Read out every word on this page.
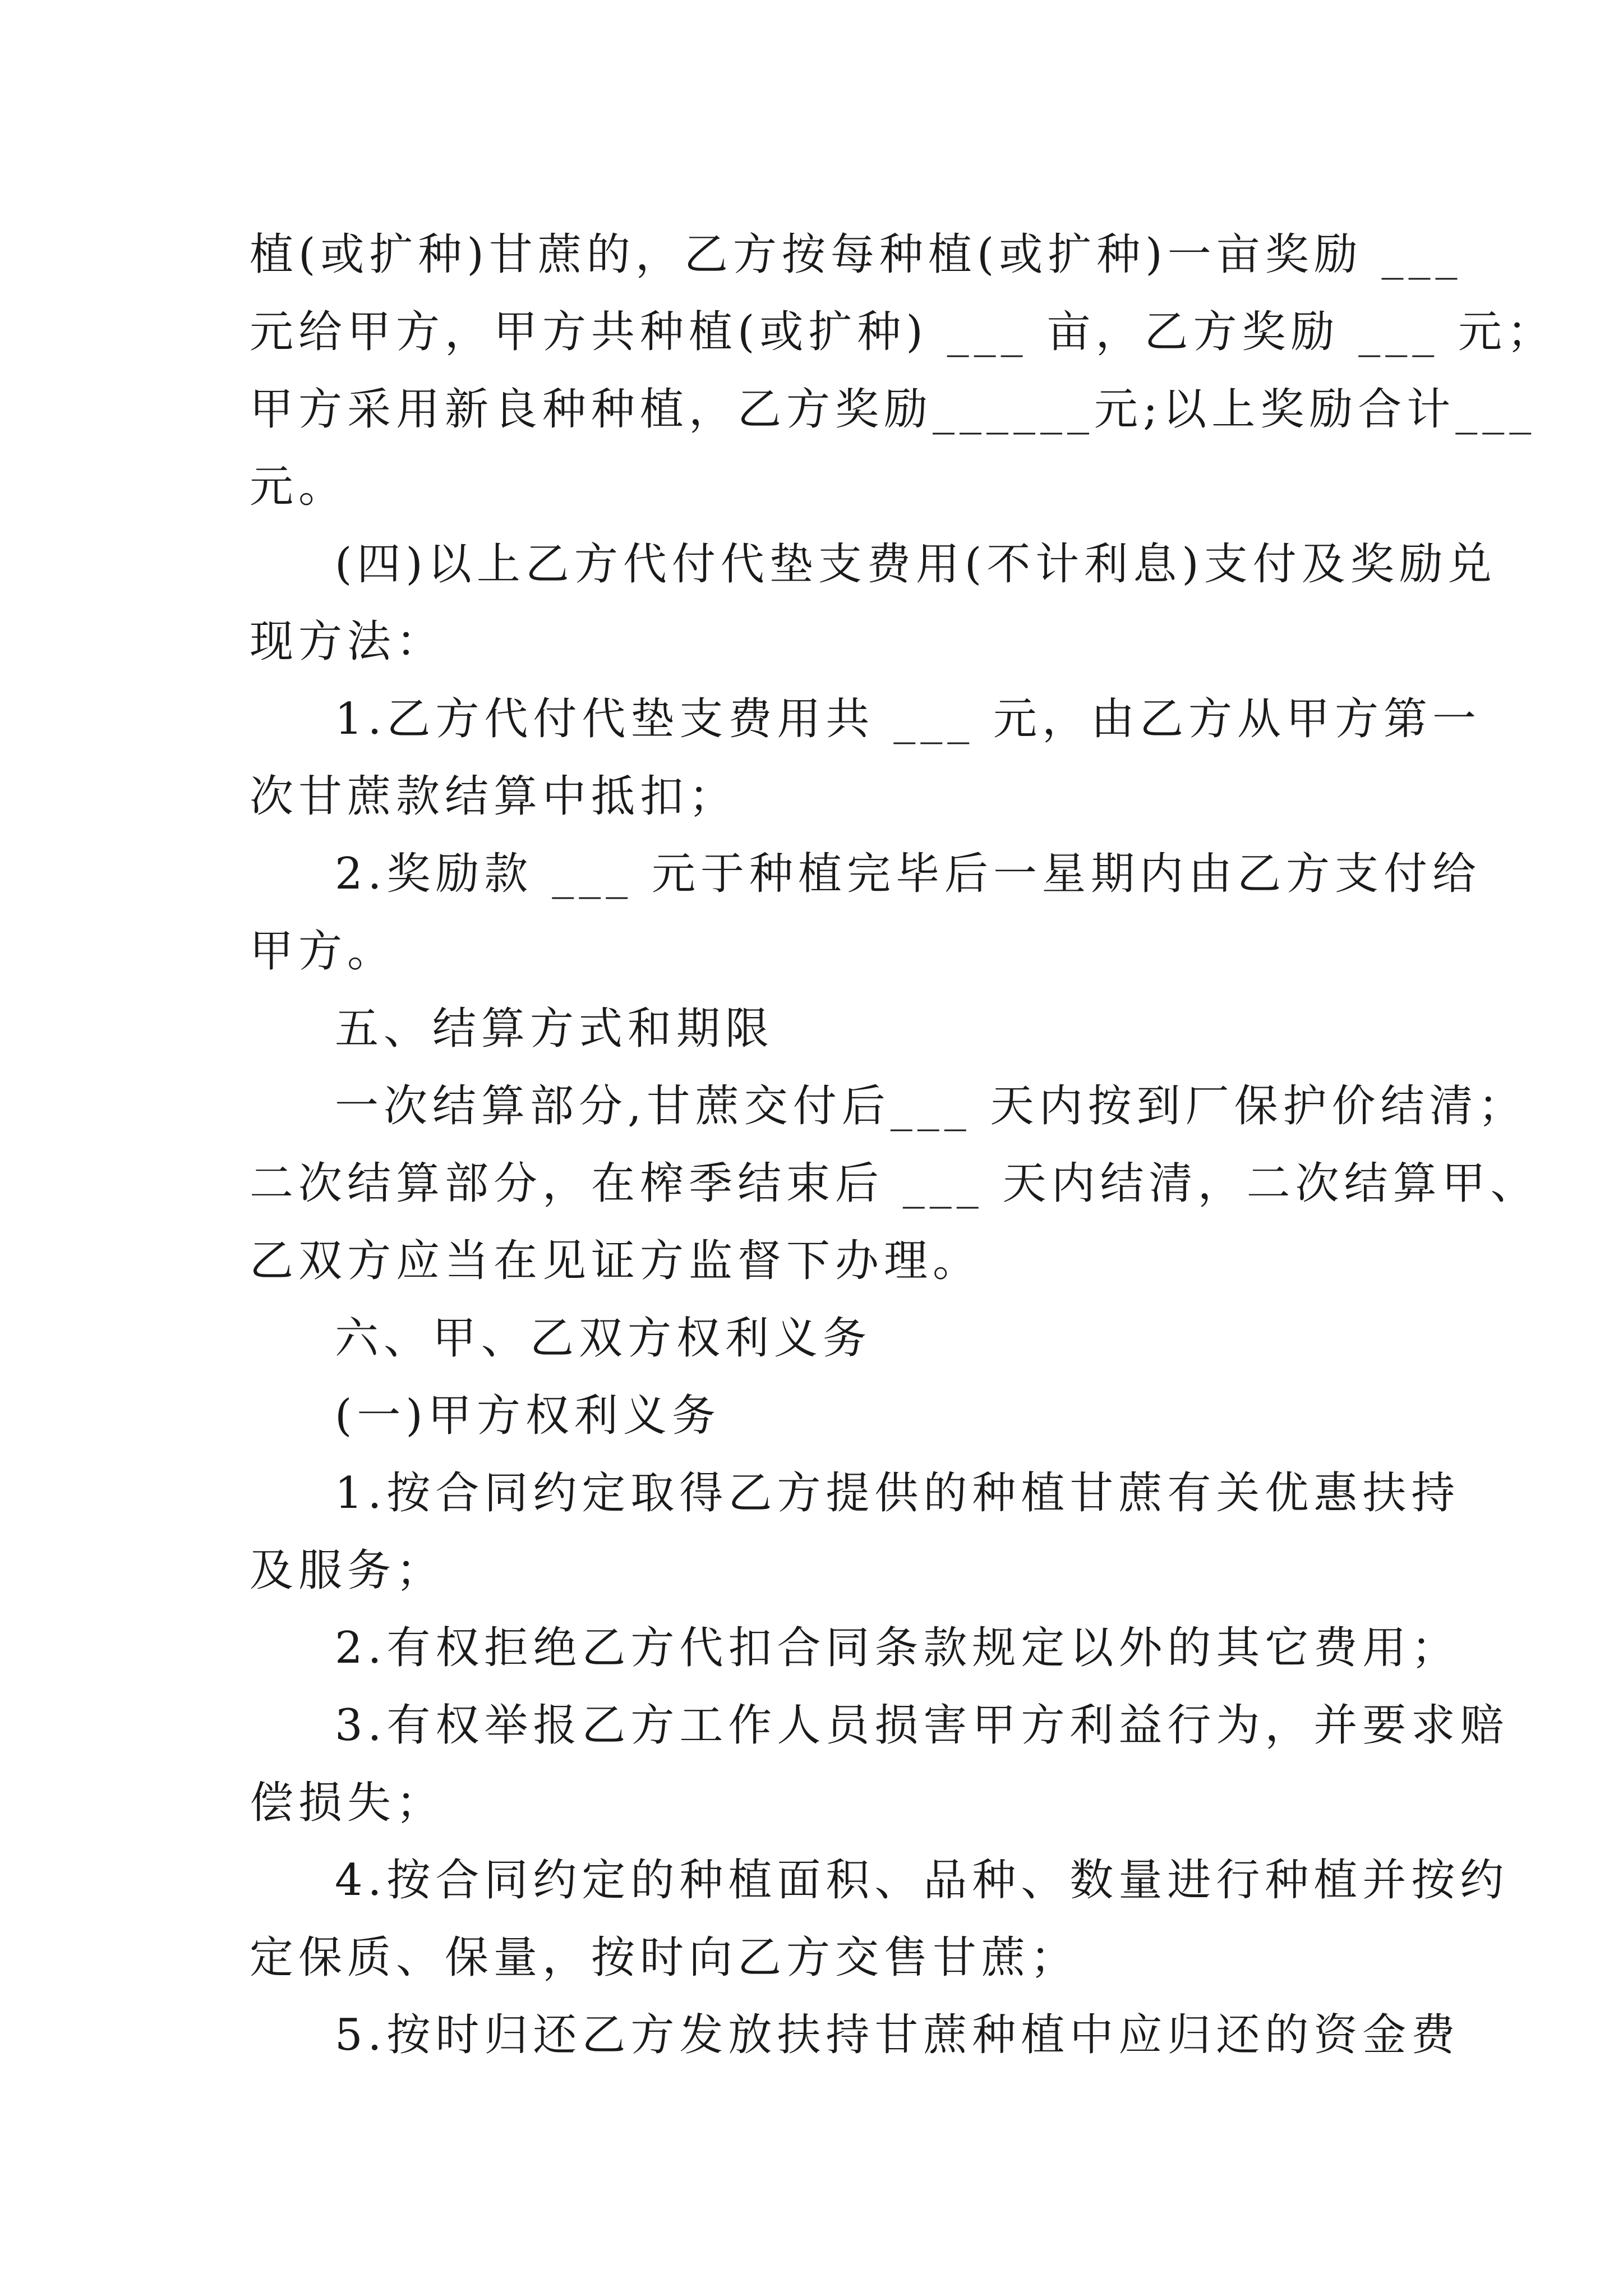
植(或扩种)甘蔗的，乙方按每种植(或扩种)一亩奖励 ___
元给甲方，甲方共种植(或扩种) ___ 亩，乙方奖励 ___ 元；
甲方采用新良种种植，乙方奖励______元;以上奖励合计___
元。
(四)以上乙方代付代垫支费用(不计利息)支付及奖励兑
现方法：
1.乙方代付代垫支费用共 ___ 元，由乙方从甲方第一
次甘蔗款结算中抵扣；
2.奖励款 ___ 元于种植完毕后一星期内由乙方支付给
甲方。
五、结算方式和期限
一次结算部分,甘蔗交付后___ 天内按到厂保护价结清；
二次结算部分，在榨季结束后 ___ 天内结清，二次结算甲、
乙双方应当在见证方监督下办理。
六、甲、乙双方权利义务
(一)甲方权利义务
1.按合同约定取得乙方提供的种植甘蔗有关优惠扶持
及服务；
2.有权拒绝乙方代扣合同条款规定以外的其它费用；
3.有权举报乙方工作人员损害甲方利益行为，并要求赔
偿损失；
4.按合同约定的种植面积、品种、数量进行种植并按约
定保质、保量，按时向乙方交售甘蔗；
5.按时归还乙方发放扶持甘蔗种植中应归还的资金费
